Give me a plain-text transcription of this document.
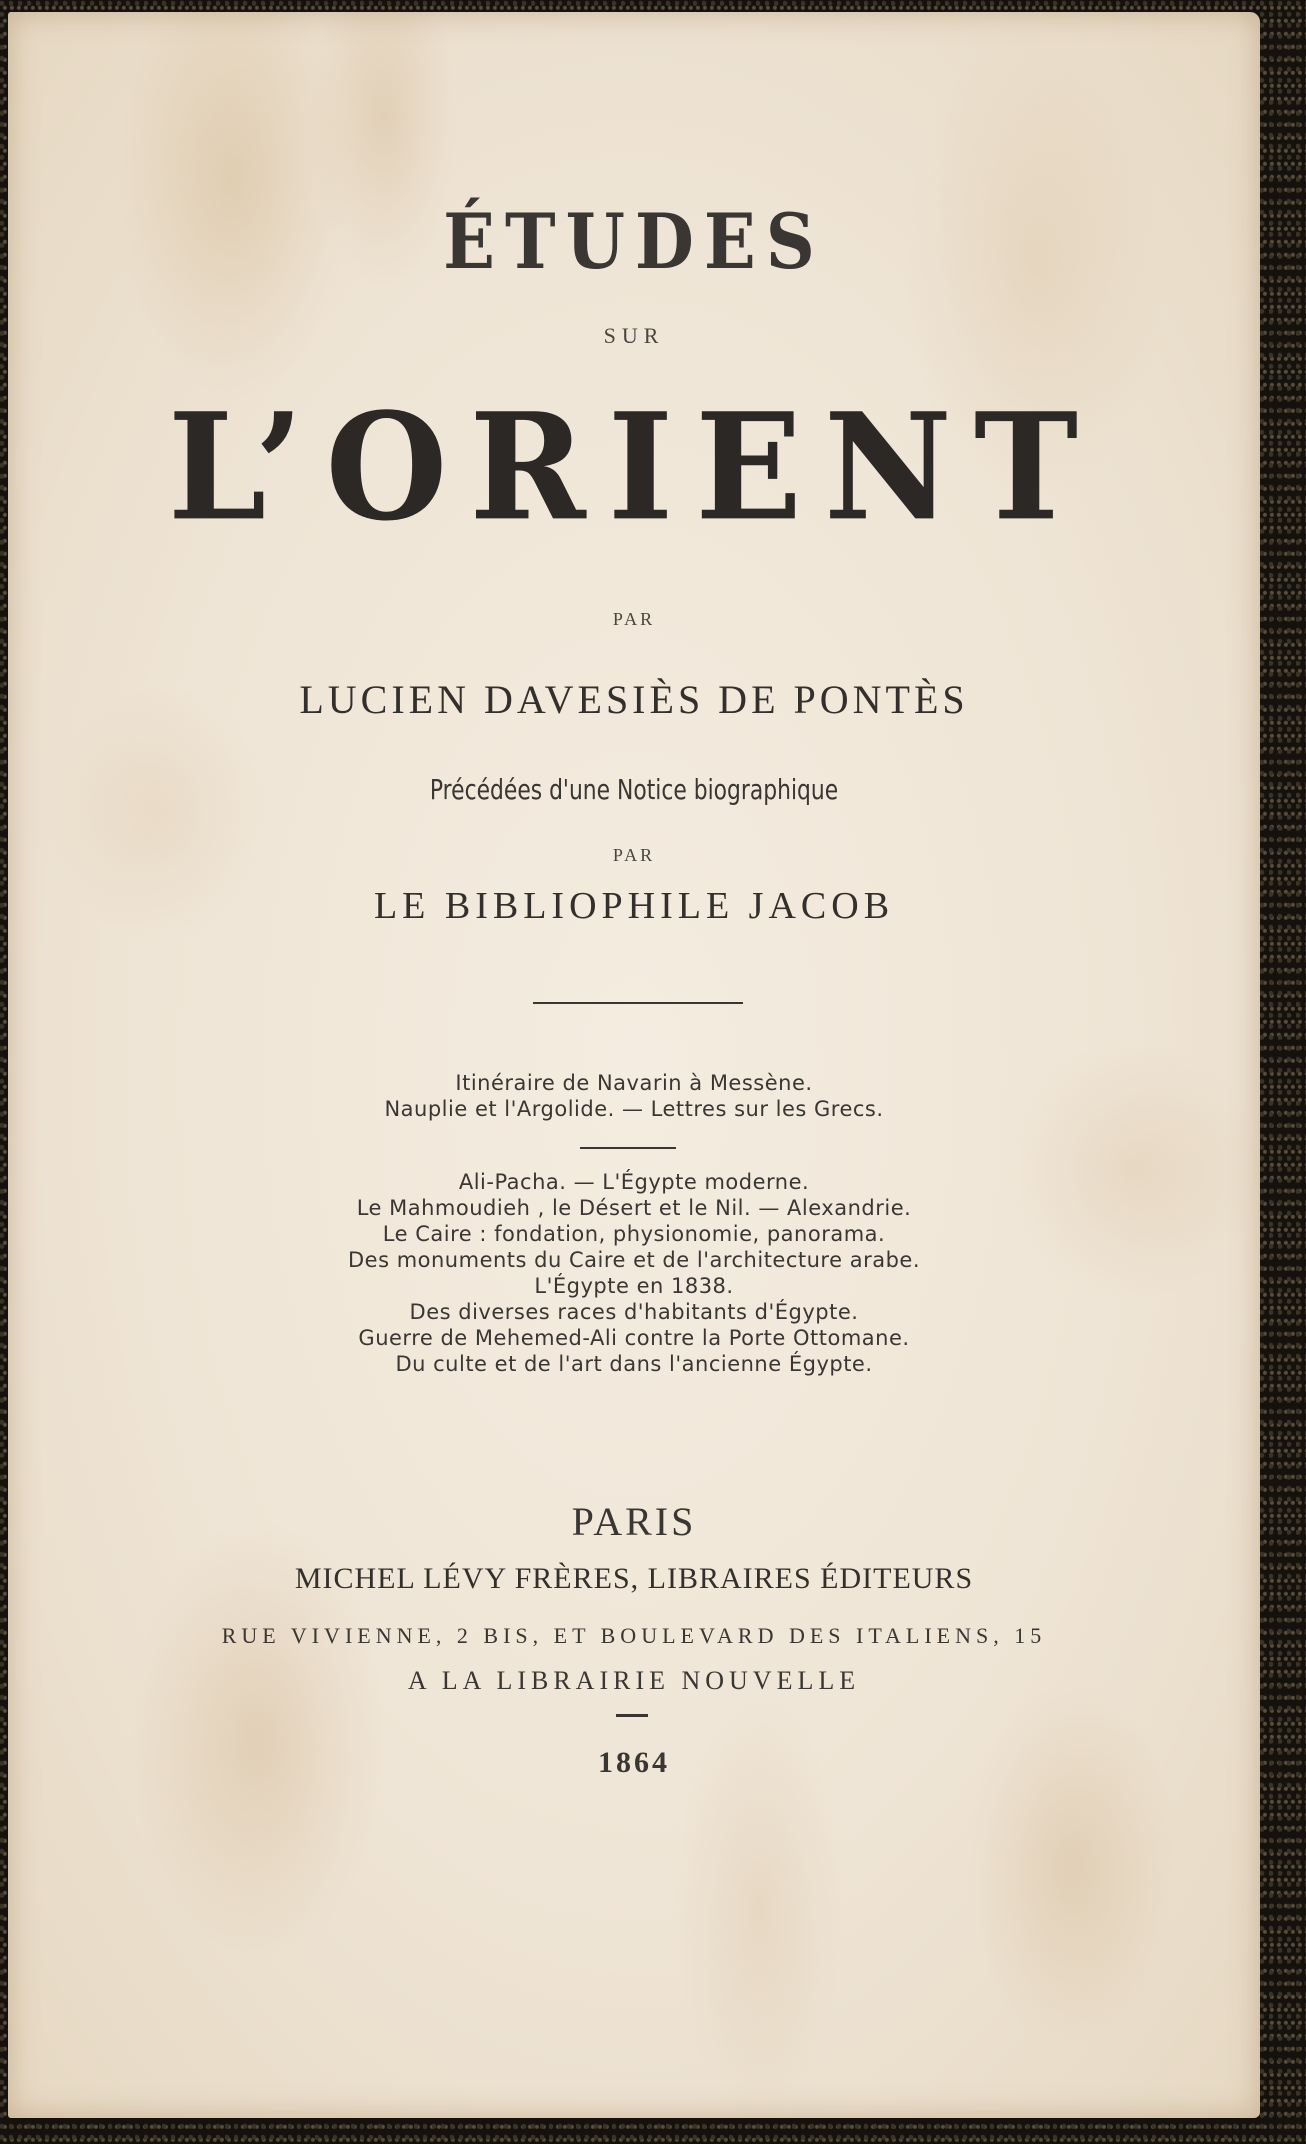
ÉTUDES

SUR

L’ORIENT

PAR

LUCIEN DAVESIÈS DE PONTÈS

Précédées d'une Notice biographique

PAR

LE BIBLIOPHILE JACOB

Itinéraire de Navarin à Messène.
Nauplie et l'Argolide. — Lettres sur les Grecs.
Ali-Pacha. — L'Égypte moderne.
Le Mahmoudieh , le Désert et le Nil. — Alexandrie.
Le Caire : fondation, physionomie, panorama.
Des monuments du Caire et de l'architecture arabe.
L'Égypte en 1838.
Des diverses races d'habitants d'Égypte.
Guerre de Mehemed-Ali contre la Porte Ottomane.
Du culte et de l'art dans l'ancienne Égypte.

PARIS

MICHEL LÉVY FRÈRES, LIBRAIRES ÉDITEURS

RUE VIVIENNE, 2 BIS, ET BOULEVARD DES ITALIENS, 15

A LA LIBRAIRIE NOUVELLE

1864
